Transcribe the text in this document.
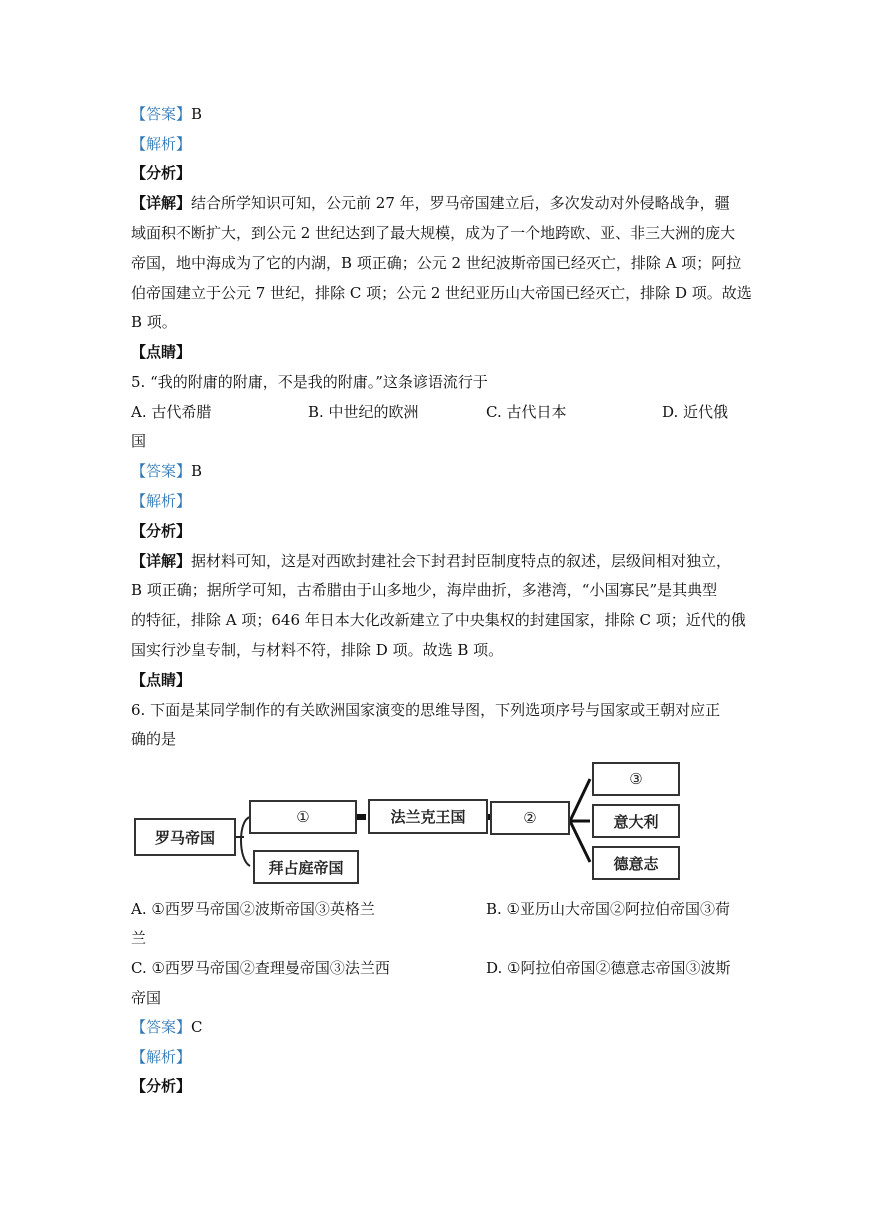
【答案】B
【解析】
【分析】
【详解】结合所学知识可知，公元前 27 年，罗马帝国建立后，多次发动对外侵略战争，疆
域面积不断扩大，到公元 2 世纪达到了最大规模，成为了一个地跨欧、亚、非三大洲的庞大
帝国，地中海成为了它的内湖，B 项正确；公元 2 世纪波斯帝国已经灭亡，排除 A 项；阿拉
伯帝国建立于公元 7 世纪，排除 C 项；公元 2 世纪亚历山大帝国已经灭亡，排除 D 项。故选
B 项。
【点睛】
5. “我的附庸的附庸，不是我的附庸。”这条谚语流行于
A. 古代希腊	B. 中世纪的欧洲	C. 古代日本	D. 近代俄
国
【答案】B
【解析】
【分析】
【详解】据材料可知，这是对西欧封建社会下封君封臣制度特点的叙述，层级间相对独立，
B 项正确；据所学可知，古希腊由于山多地少，海岸曲折，多港湾，“小国寡民”是其典型
的特征，排除 A 项；646 年日本大化改新建立了中央集权的封建国家，排除 C 项；近代的俄
国实行沙皇专制，与材料不符，排除 D 项。故选 B 项。
【点睛】
6. 下面是某同学制作的有关欧洲国家演变的思维导图，下列选项序号与国家或王朝对应正
确的是
罗马帝国
①
拜占庭帝国
法兰克王国	②
③
意大利
德意志
A. ①西罗马帝国②波斯帝国③英格兰	B. ①亚历山大帝国②阿拉伯帝国③荷
兰
C. ①西罗马帝国②查理曼帝国③法兰西	D. ①阿拉伯帝国②德意志帝国③波斯
帝国
【答案】C
【解析】
【分析】
